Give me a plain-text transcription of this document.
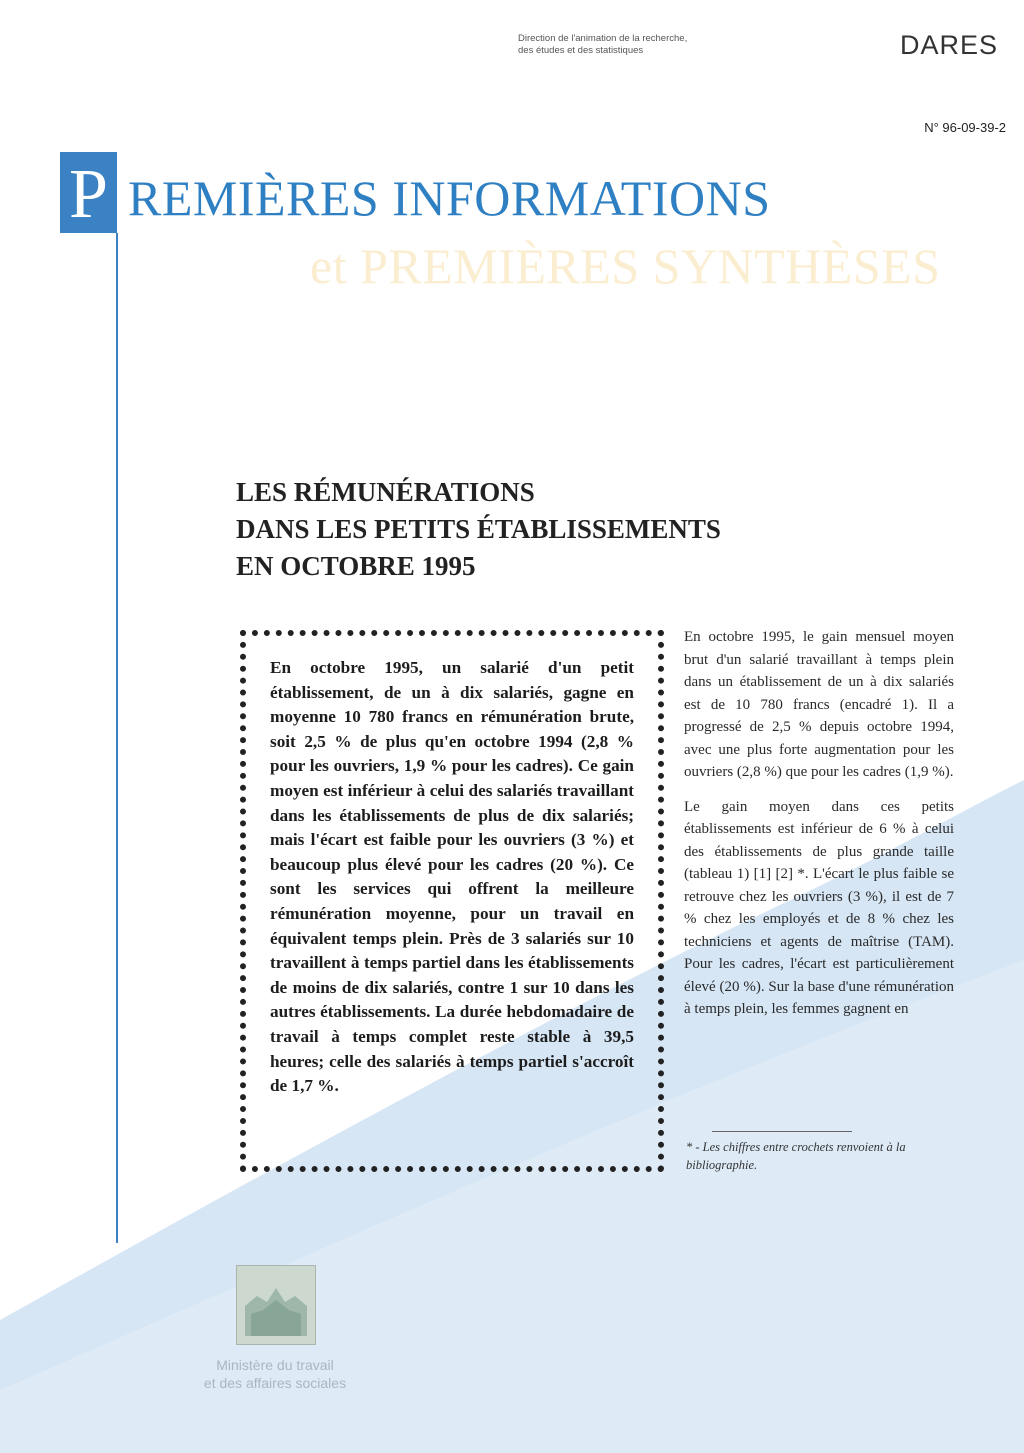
Direction de l'animation de la recherche,
des études et des statistiques	DARES
N° 96-09-39-2
P REMIÈRES INFORMATIONS
et PREMIÈRES SYNTHÈSES
LES RÉMUNÉRATIONS
DANS LES PETITS ÉTABLISSEMENTS
EN OCTOBRE 1995

En octobre 1995, un salarié d'un petit établissement, de un à dix salariés, gagne en moyenne 10 780 francs en rémunération brute, soit 2,5 % de plus qu'en octobre 1994 (2,8 % pour les ouvriers, 1,9 % pour les cadres). Ce gain moyen est inférieur à celui des salariés travaillant dans les établissements de plus de dix salariés; mais l'écart est faible pour les ouvriers (3 %) et beaucoup plus élevé pour les cadres (20 %). Ce sont les services qui offrent la meilleure rémunération moyenne, pour un travail en équivalent temps plein. Près de 3 salariés sur 10 travaillent à temps partiel dans les établissements de moins de dix salariés, contre 1 sur 10 dans les autres établissements. La durée hebdomadaire de travail à temps complet reste stable à 39,5 heures; celle des salariés à temps partiel s'accroît de 1,7 %.

En octobre 1995, le gain mensuel moyen brut d'un salarié travaillant à temps plein dans un établissement de un à dix salariés est de 10 780 francs (encadré 1). Il a progressé de 2,5 % depuis octobre 1994, avec une plus forte augmentation pour les ouvriers (2,8 %) que pour les cadres (1,9 %).

Le gain moyen dans ces petits établissements est inférieur de 6 % à celui des établissements de plus grande taille (tableau 1) [1] [2] *. L'écart le plus faible se retrouve chez les ouvriers (3 %), il est de 7 % chez les employés et de 8 % chez les techniciens et agents de maîtrise (TAM). Pour les cadres, l'écart est particulièrement élevé (20 %). Sur la base d'une rémunération à temps plein, les femmes gagnent en

* - Les chiffres entre crochets renvoient à la bibliographie.
Ministère du travail
et des affaires sociales
